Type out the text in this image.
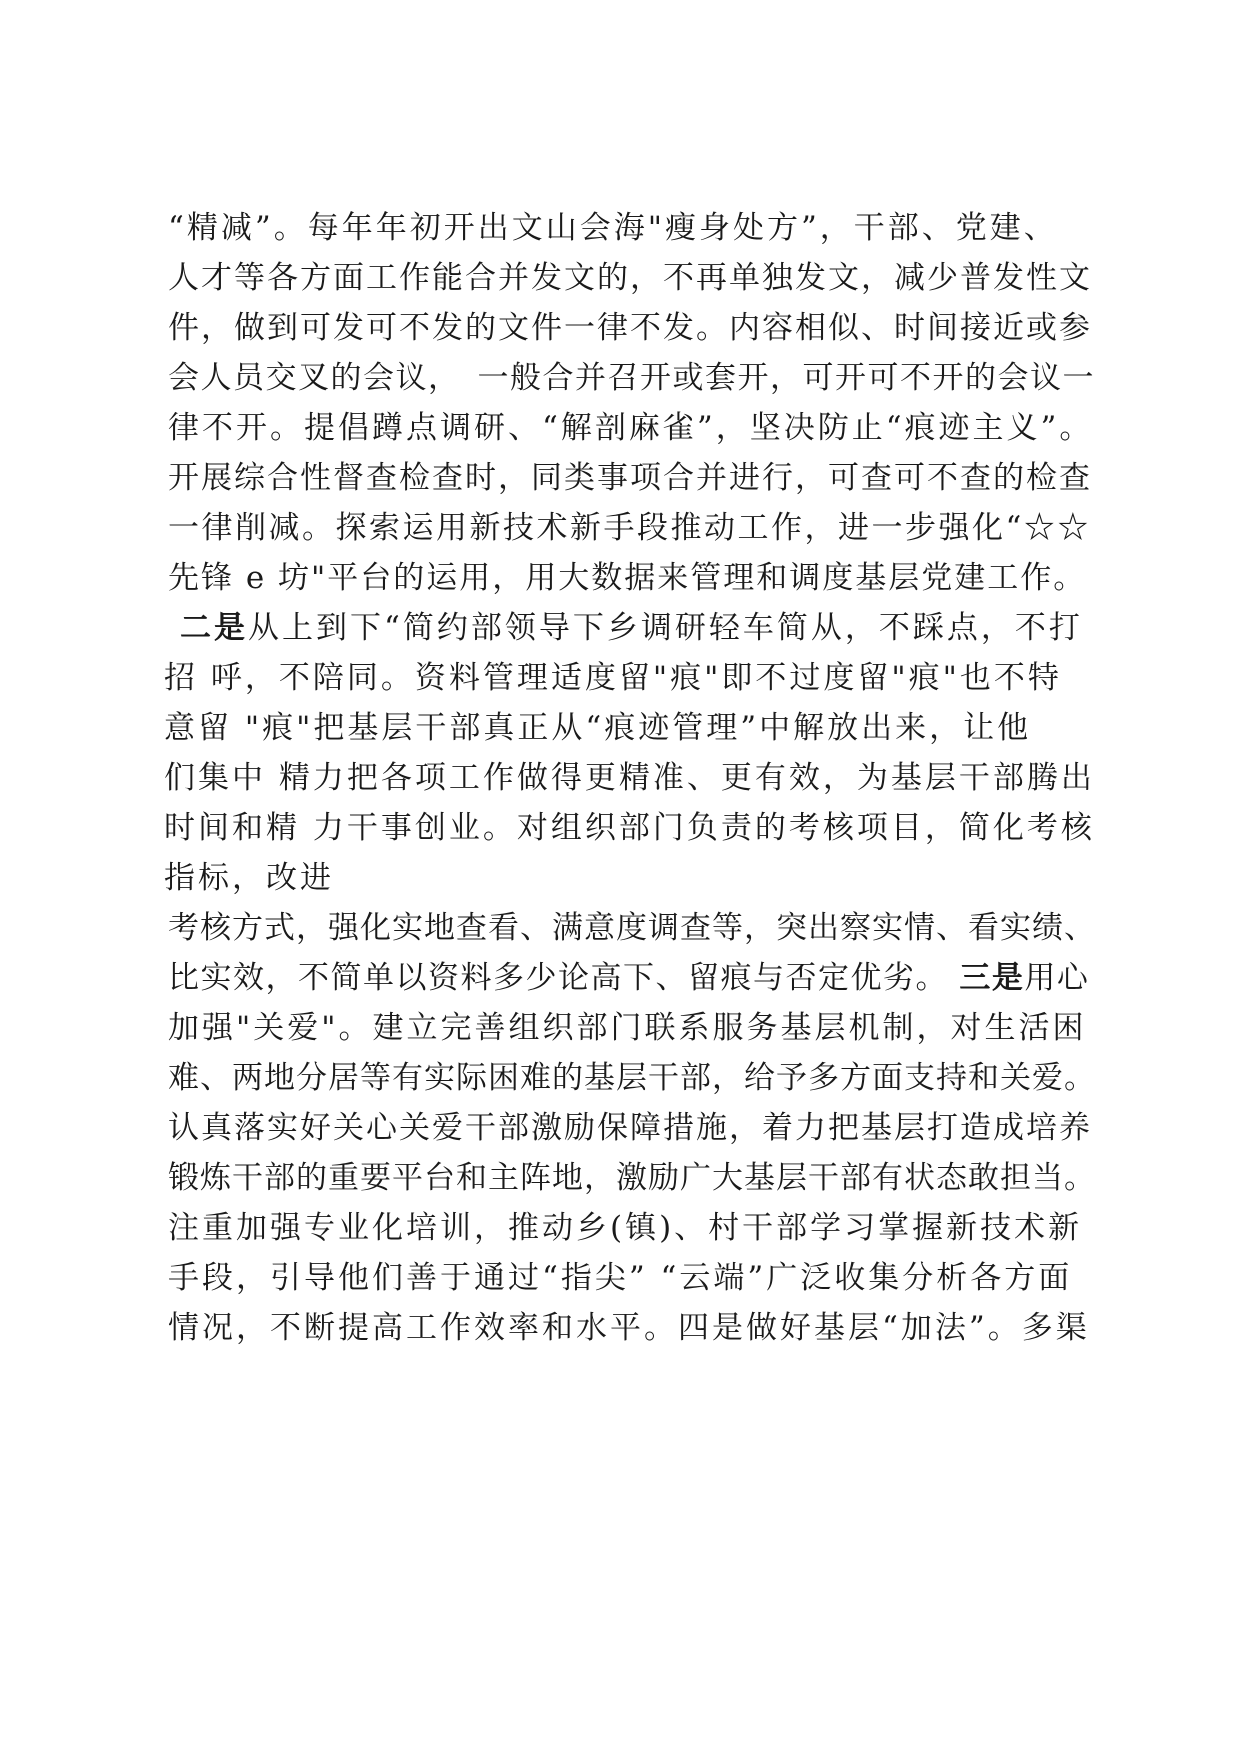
“精减”。每年年初开出文山会海"瘦身处方”，干部、党建、
人才等各方面工作能合并发文的，不再单独发文，减少普发性文
件，做到可发可不发的文件一律不发。内容相似、时间接近或参
会人员交叉的会议，　一般合并召开或套开，可开可不开的会议一
律不开。提倡蹲点调研、“解剖麻雀”，坚决防止“痕迹主义”。
开展综合性督查检查时，同类事项合并进行，可查可不查的检查
一律削减。探索运用新技术新手段推动工作，进一步强化“☆☆
先锋 e 坊"平台的运用，用大数据来管理和调度基层党建工作。
二是从上到下“简约部领导下乡调研轻车简从，不踩点，不打
招 呼，不陪同。资料管理适度留"痕"即不过度留"痕"也不特
意留 "痕"把基层干部真正从“痕迹管理”中解放出来，让他
们集中 精力把各项工作做得更精准、更有效，为基层干部腾出
时间和精 力干事创业。对组织部门负责的考核项目，简化考核
指标，改进
考核方式，强化实地查看、满意度调查等，突出察实情、看实绩、
比实效，不简单以资料多少论高下、留痕与否定优劣。 三是用心
加强"关爱"。建立完善组织部门联系服务基层机制，对生活困
难、两地分居等有实际困难的基层干部，给予多方面支持和关爱。
认真落实好关心关爱干部激励保障措施，着力把基层打造成培养
锻炼干部的重要平台和主阵地，激励广大基层干部有状态敢担当。
注重加强专业化培训，推动乡(镇)、村干部学习掌握新技术新
手段，引导他们善于通过“指尖” “云端”广泛收集分析各方面
情况，不断提高工作效率和水平。四是做好基层“加法”。多渠
